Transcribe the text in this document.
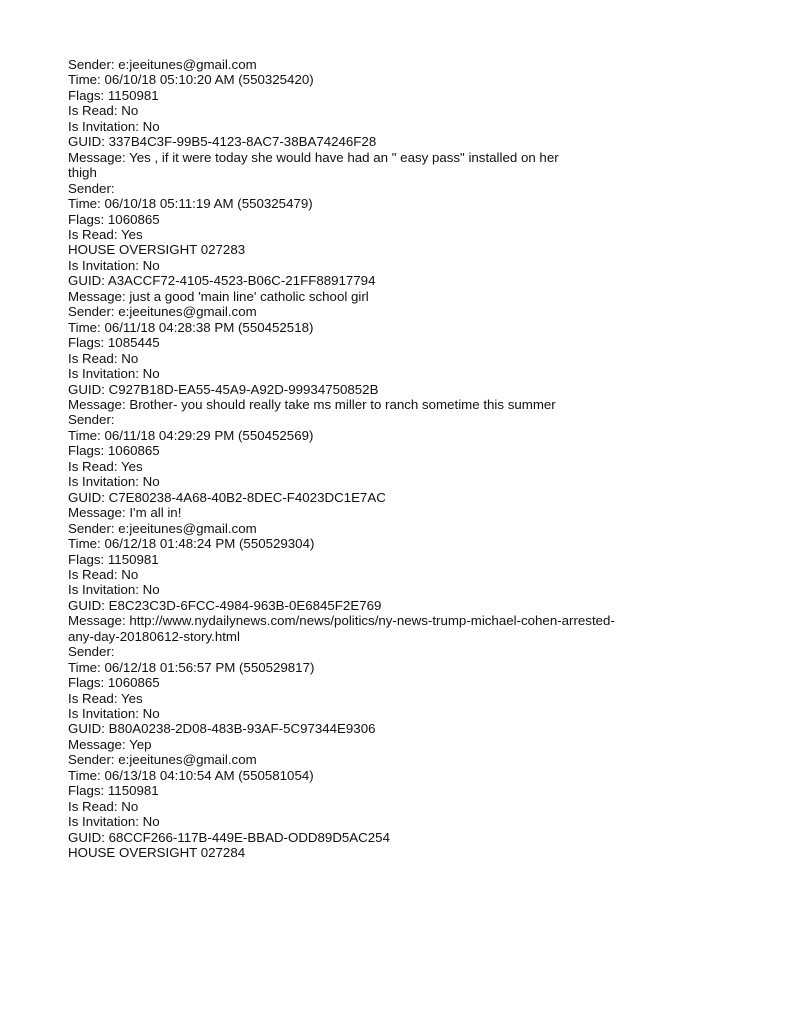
Sender: e:jeeitunes@gmail.com
Time: 06/10/18 05:10:20 AM (550325420)
Flags: 1150981
Is Read: No
Is Invitation: No
GUID: 337B4C3F-99B5-4123-8AC7-38BA74246F28
Message: Yes , if it were today she would have had an " easy pass" installed on her
thigh
Sender:
Time: 06/10/18 05:11:19 AM (550325479)
Flags: 1060865
Is Read: Yes
HOUSE OVERSIGHT 027283
Is Invitation: No
GUID: A3ACCF72-4105-4523-B06C-21FF88917794
Message: just a good 'main line' catholic school girl
Sender: e:jeeitunes@gmail.com
Time: 06/11/18 04:28:38 PM (550452518)
Flags: 1085445
Is Read: No
Is Invitation: No
GUID: C927B18D-EA55-45A9-A92D-99934750852B
Message: Brother- you should really take ms miller to ranch sometime this summer
Sender:
Time: 06/11/18 04:29:29 PM (550452569)
Flags: 1060865
Is Read: Yes
Is Invitation: No
GUID: C7E80238-4A68-40B2-8DEC-F4023DC1E7AC
Message: I'm all in!
Sender: e:jeeitunes@gmail.com
Time: 06/12/18 01:48:24 PM (550529304)
Flags: 1150981
Is Read: No
Is Invitation: No
GUID: E8C23C3D-6FCC-4984-963B-0E6845F2E769
Message: http://www.nydailynews.com/news/politics/ny-news-trump-michael-cohen-arrested-
any-day-20180612-story.html
Sender:
Time: 06/12/18 01:56:57 PM (550529817)
Flags: 1060865
Is Read: Yes
Is Invitation: No
GUID: B80A0238-2D08-483B-93AF-5C97344E9306
Message: Yep
Sender: e:jeeitunes@gmail.com
Time: 06/13/18 04:10:54 AM (550581054)
Flags: 1150981
Is Read: No
Is Invitation: No
GUID: 68CCF266-117B-449E-BBAD-ODD89D5AC254
HOUSE OVERSIGHT 027284
